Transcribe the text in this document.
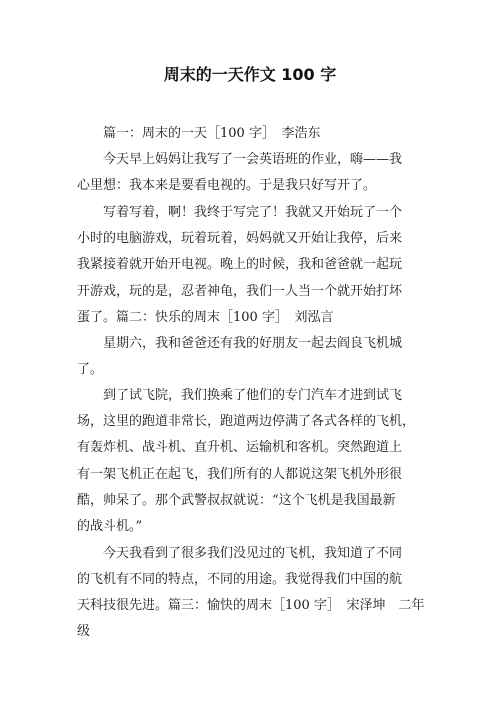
周末的一天作文 100 字
篇一：周末的一天［100 字］　李浩东
今天早上妈妈让我写了一会英语班的作业，嗨——我
心里想：我本来是要看电视的。于是我只好写开了。
写着写着，啊！我终于写完了！我就又开始玩了一个
小时的电脑游戏，玩着玩着，妈妈就又开始让我停，后来
我紧接着就开始开电视。晚上的时候，我和爸爸就一起玩
开游戏，玩的是，忍者神龟，我们一人当一个就开始打坏
蛋了。篇二：快乐的周末［100 字］　刘泓言
星期六，我和爸爸还有我的好朋友一起去阎良飞机城
了。
到了试飞院，我们换乘了他们的专门汽车才进到试飞
场，这里的跑道非常长，跑道两边停满了各式各样的飞机，
有轰炸机、战斗机、直升机、运输机和客机。突然跑道上
有一架飞机正在起飞，我们所有的人都说这架飞机外形很
酷，帅呆了。那个武警叔叔就说：“这个飞机是我国最新
的战斗机。”
今天我看到了很多我们没见过的飞机，我知道了不同
的飞机有不同的特点，不同的用途。我觉得我们中国的航
天科技很先进。篇三：愉快的周末［100 字］　宋泽坤　二年
级
